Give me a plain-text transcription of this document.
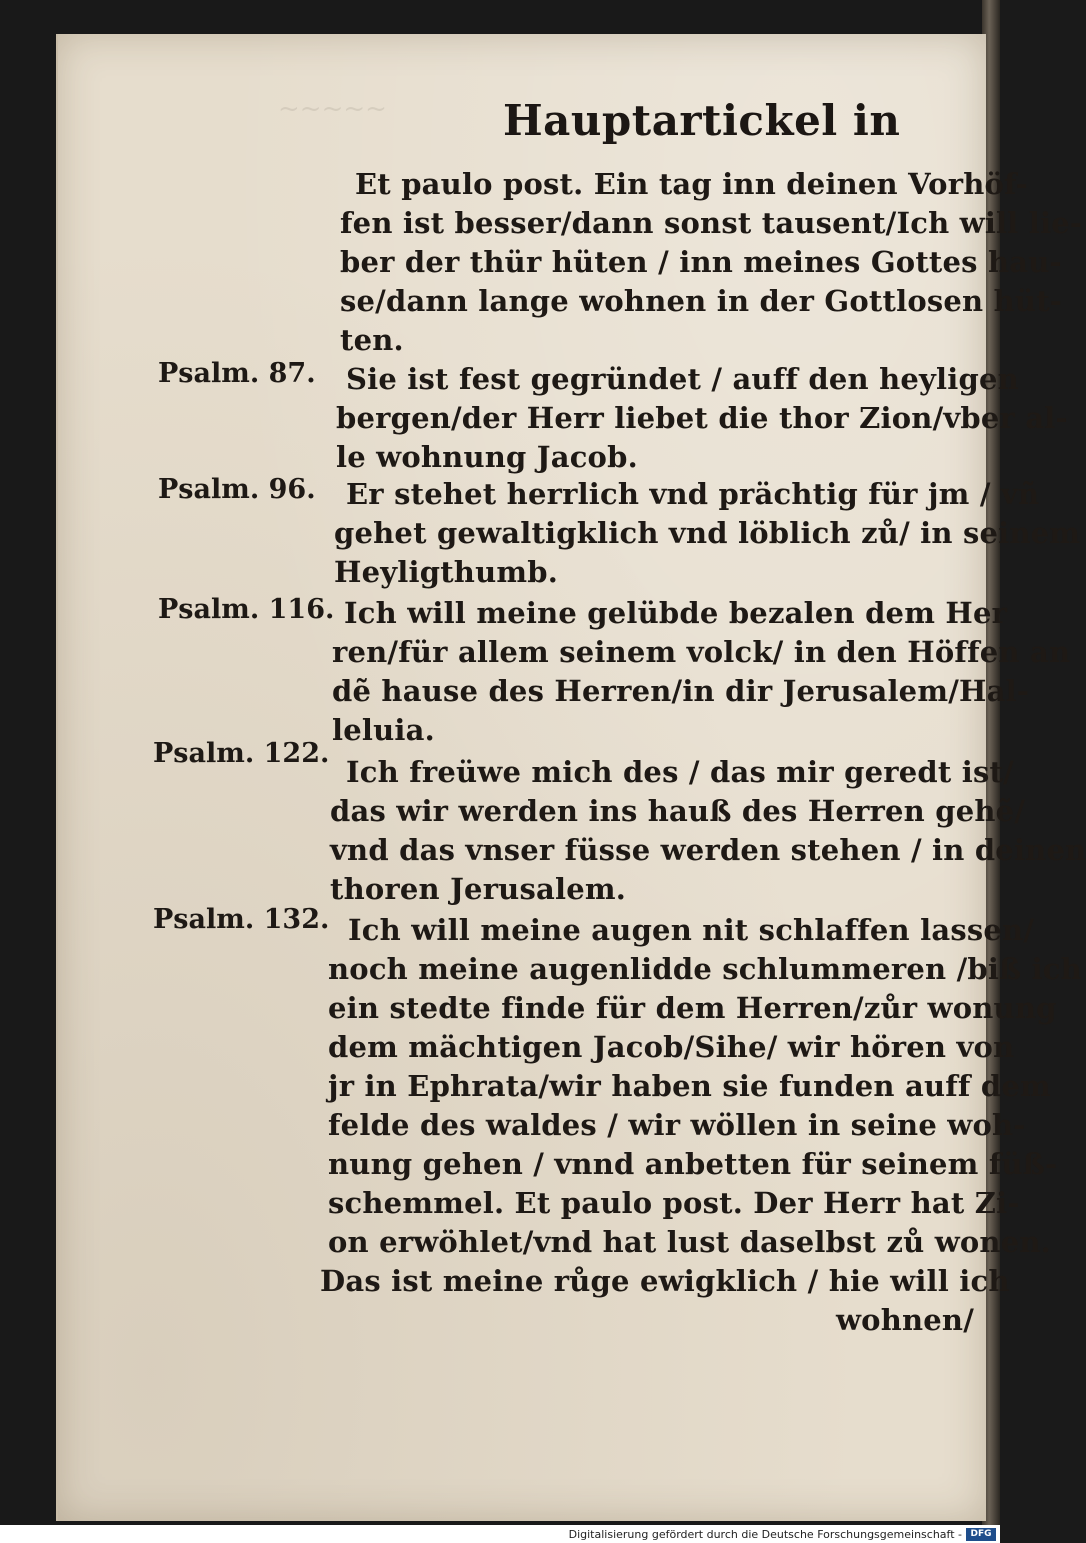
~~~~~	Hauptartickel in
Et paulo post. Ein tag inn deinen Vorhöf-
fen ist besser/dann sonst tausent/Ich will lie-
ber der thür hüten / inn meines Gottes hau-
se/dann lange wohnen in der Gottlosen hüt-
ten.
Psalm. 87. Sie ist fest gegründet / auff den heyligen
bergen/der Herr liebet die thor Zion/vber al-
le wohnung Jacob.
Psalm. 96. Er stehet herrlich vnd prächtig für jm / vñ
gehet gewaltigklich vnd löblich zů/ in seinem
Heyligthumb.
Psalm. 116. Ich will meine gelübde bezalen dem Her
ren/für allem seinem volck/ in den Höffen an
dẽ hause des Herren/in dir Jerusalem/Hal-
leluia.
Psalm. 122.
Ich freüwe mich des / das mir geredt ist/
das wir werden ins hauß des Herren gehẽ/
vnd das vnser füsse werden stehen / in deinen
thoren Jerusalem.
Psalm. 132. Ich will meine augen nit schlaffen lassen/
noch meine augenlidde schlummeren /biß ich
ein stedte finde für dem Herren/zůr wonung
dem mächtigen Jacob/Sihe/ wir hören von
jr in Ephrata/wir haben sie funden auff dem
felde des waldes / wir wöllen in seine woh-
nung gehen / vnnd anbetten für seinem füß-
schemmel. Et paulo post. Der Herr hat Zi-
on erwöhlet/vnd hat lust daselbst zů wonen.
Das ist meine růge ewigklich / hie will ich
wohnen/
Digitalisierung gefördert durch die Deutsche Forschungsgemeinschaft - DFG
